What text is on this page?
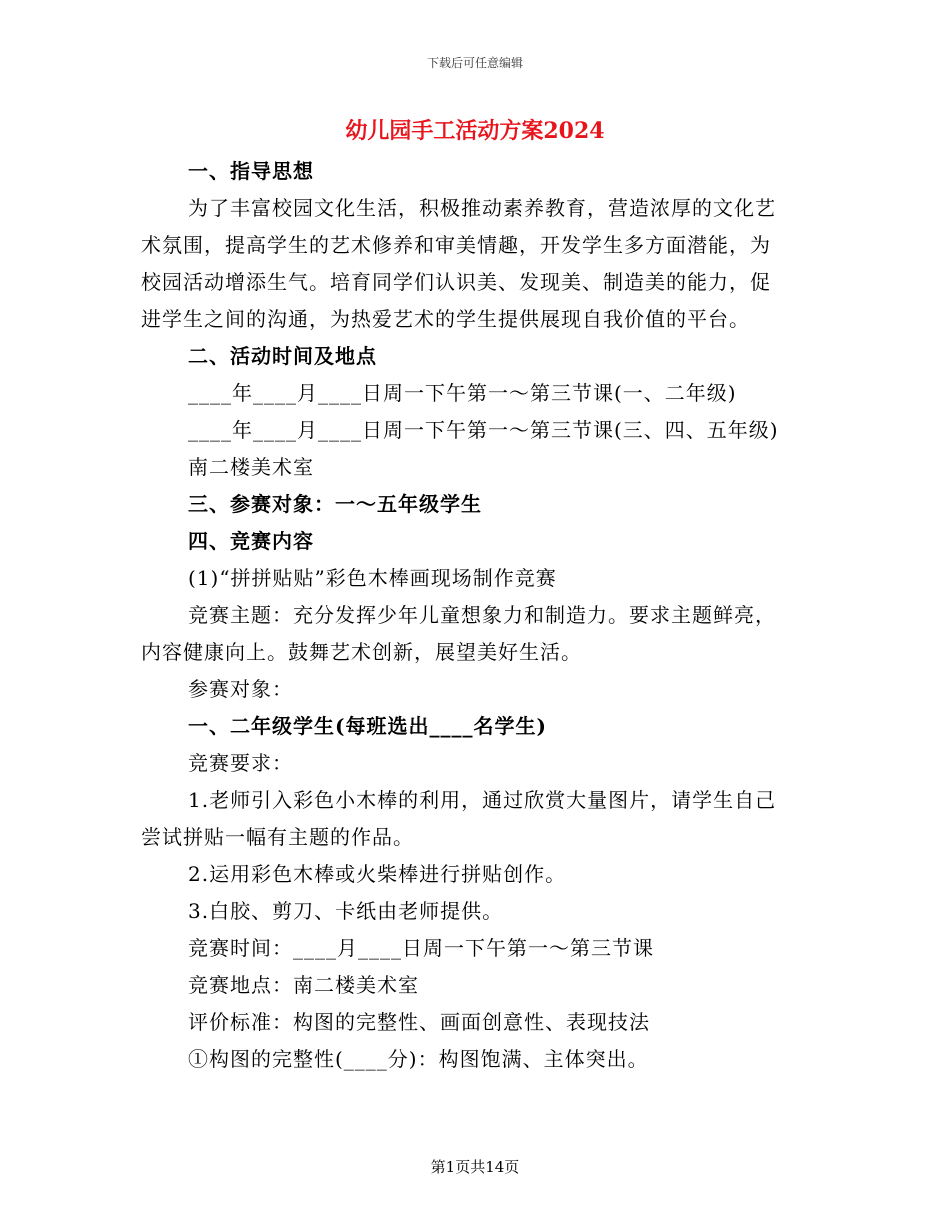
下载后可任意编辑
幼儿园手工活动方案2024
一、指导思想
为了丰富校园文化生活，积极推动素养教育，营造浓厚的文化艺
术氛围，提高学生的艺术修养和审美情趣，开发学生多方面潜能，为
校园活动增添生气。培育同学们认识美、发现美、制造美的能力，促
进学生之间的沟通，为热爱艺术的学生提供展现自我价值的平台。
二、活动时间及地点
____年____月____日周一下午第一～第三节课(一、二年级)
____年____月____日周一下午第一～第三节课(三、四、五年级)
南二楼美术室
三、参赛对象：一～五年级学生
四、竞赛内容
(1)“拼拼贴贴”彩色木棒画现场制作竞赛
竞赛主题：充分发挥少年儿童想象力和制造力。要求主题鲜亮，
内容健康向上。鼓舞艺术创新，展望美好生活。
参赛对象：
一、二年级学生(每班选出____名学生)
竞赛要求：
1.老师引入彩色小木棒的利用，通过欣赏大量图片，请学生自己
尝试拼贴一幅有主题的作品。
2.运用彩色木棒或火柴棒进行拼贴创作。
3.白胶、剪刀、卡纸由老师提供。
竞赛时间：____月____日周一下午第一～第三节课
竞赛地点：南二楼美术室
评价标准：构图的完整性、画面创意性、表现技法
①构图的完整性(____分)：构图饱满、主体突出。
第1页共14页
